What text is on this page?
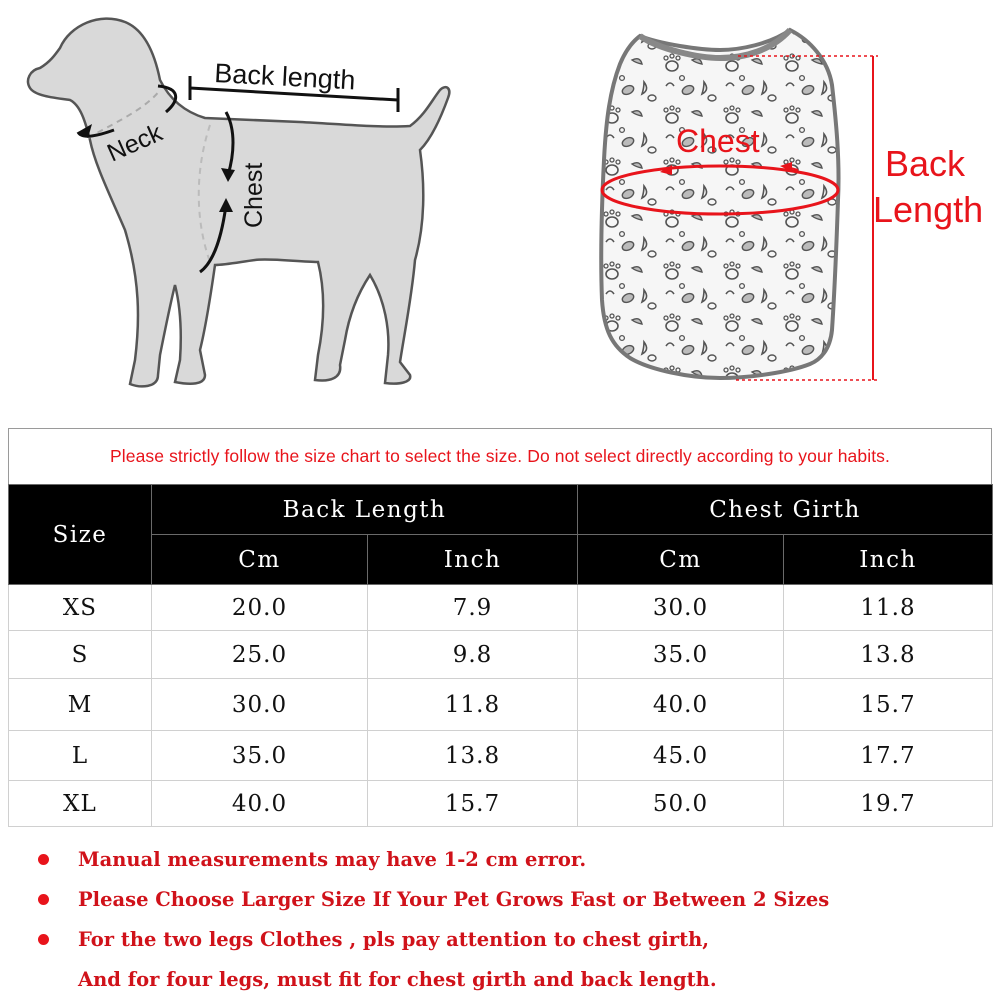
Back length
Neck
Chest
Chest
Back
Length
Please strictly follow the size chart to select the size. Do not select directly according to your habits.
Size	Back Length		Chest Girth	
	Cm	Inch	Cm	Inch
XS	20.0	7.9	30.0	11.8
S	25.0	9.8	35.0	13.8
M	30.0	11.8	40.0	15.7
L	35.0	13.8	45.0	17.7
XL	40.0	15.7	50.0	19.7
Manual measurements may have 1-2 cm error.
Please Choose Larger Size If Your Pet Grows Fast or Between 2 Sizes
For the two legs Clothes , pls pay attention to chest girth,
And for four legs, must fit for chest girth and back length.
